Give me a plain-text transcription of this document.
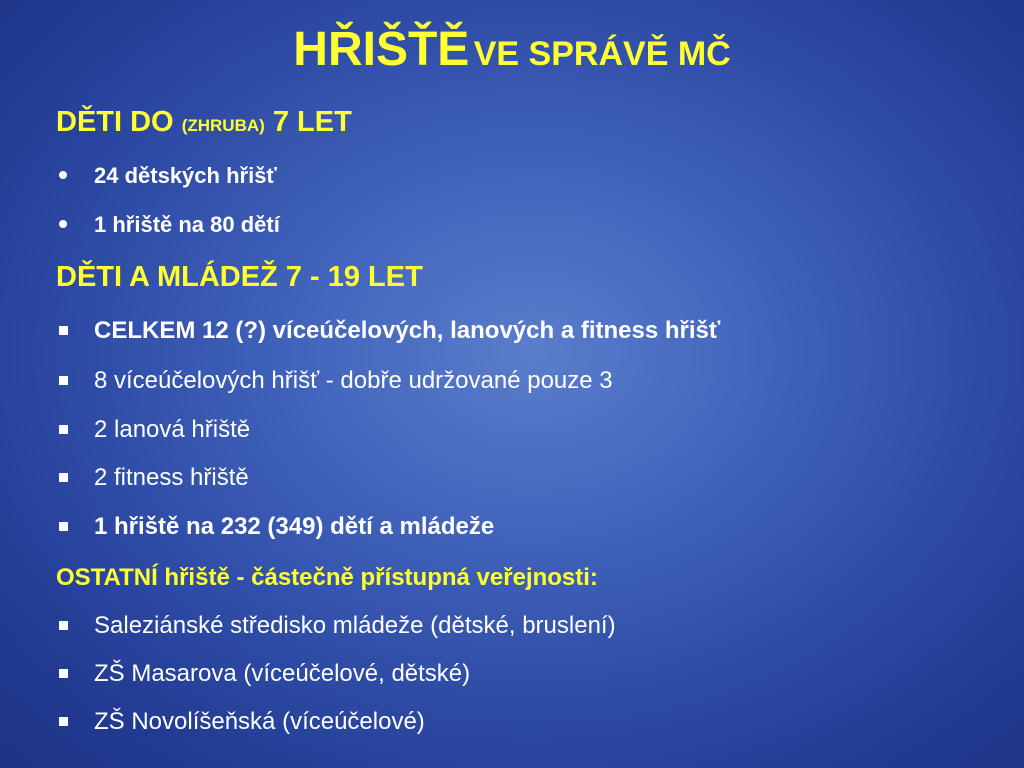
HŘIŠŤĚ VE SPRÁVĚ MČ
DĚTI DO (ZHRUBA) 7 LET
24 dětských hřišť
1 hřiště na 80 dětí
DĚTI A MLÁDEŽ 7 - 19 LET
CELKEM 12 (?) víceúčelových, lanových a fitness hřišť
8 víceúčelových hřišť - dobře udržované pouze 3
2 lanová hřiště
2 fitness hřiště
1 hřiště na 232 (349) dětí a mládeže
OSTATNÍ hřiště - částečně přístupná veřejnosti:
Saleziánské středisko mládeže (dětské, bruslení)
ZŠ Masarova (víceúčelové, dětské)
ZŠ Novolíšeňská (víceúčelové)
